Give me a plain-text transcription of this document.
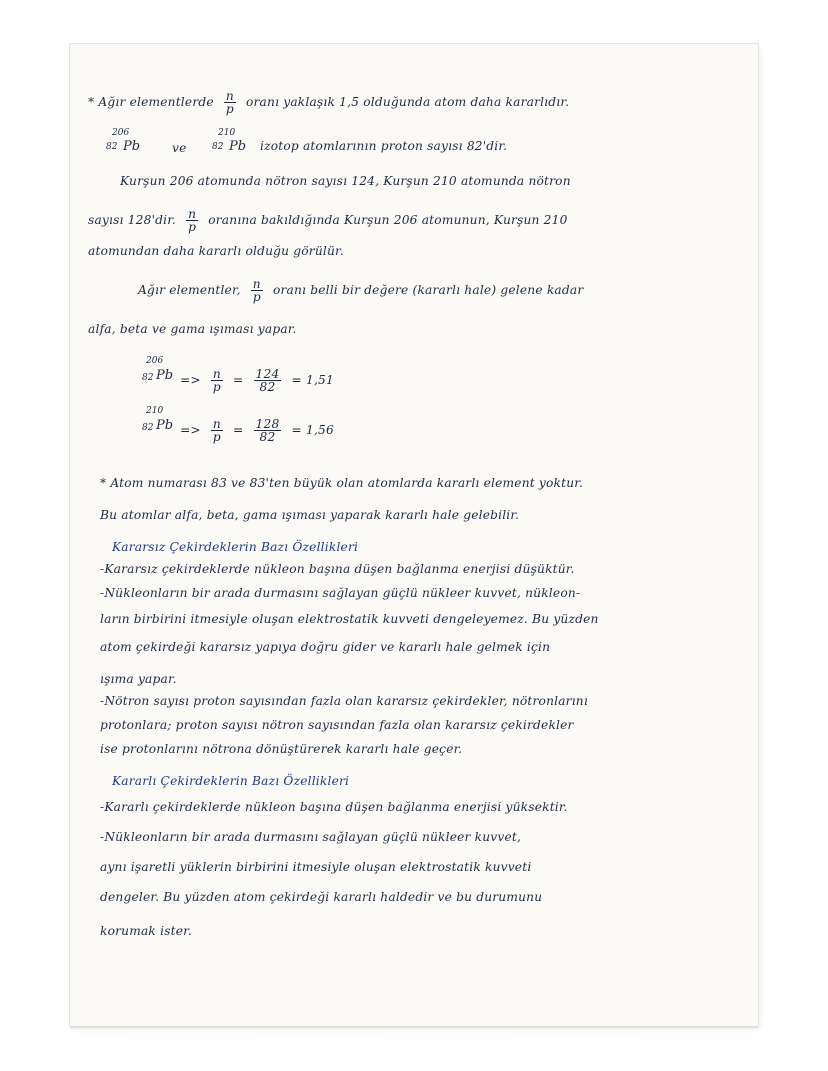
* Ağır elementlerde $\frac{n}{p}$ oranı yaklaşık 1,5 olduğunda atom daha kararlıdır.
206
82 Pb	ve
210
82 Pb izotop atomlarının proton sayısı 82'dir.
Kurşun 206 atomunda nötron sayısı 124, Kurşun 210 atomunda nötron
sayısı 128'dir. $\frac{n}{p}$ oranına bakıldığında Kurşun 206 atomunun, Kurşun 210
atomundan daha kararlı olduğu görülür.
Ağır elementler, $\frac{n}{p}$ oranı belli bir değere (kararlı hale) gelene kadar
alfa, beta ve gama ışıması yapar.
206
82 $Pb => \frac{n}{p} = \frac{124}{82} = 1,51$
210
82 $Pb => \frac{n}{p} = \frac{128}{82} = 1,56$
* Atom numarası 83 ve 83'ten büyük olan atomlarda kararlı element yoktur.
Bu atomlar alfa, beta, gama ışıması yaparak kararlı hale gelebilir.
Kararsız Çekirdeklerin Bazı Özellikleri
-Kararsız çekirdeklerde nükleon başına düşen bağlanma enerjisi düşüktür.
-Nükleonların bir arada durmasını sağlayan güçlü nükleer kuvvet, nükleon-
ların birbirini itmesiyle oluşan elektrostatik kuvveti dengeleyemez. Bu yüzden
atom çekirdeği kararsız yapıya doğru gider ve kararlı hale gelmek için
ışıma yapar.
-Nötron sayısı proton sayısından fazla olan kararsız çekirdekler, nötronlarını
protonlara; proton sayısı nötron sayısından fazla olan kararsız çekirdekler
ise protonlarını nötrona dönüştürerek kararlı hale geçer.
Kararlı Çekirdeklerin Bazı Özellikleri
-Kararlı çekirdeklerde nükleon başına düşen bağlanma enerjisi yüksektir.
-Nükleonların bir arada durmasını sağlayan güçlü nükleer kuvvet,
aynı işaretli yüklerin birbirini itmesiyle oluşan elektrostatik kuvveti
dengeler. Bu yüzden atom çekirdeği kararlı haldedir ve bu durumunu
korumak ister.
